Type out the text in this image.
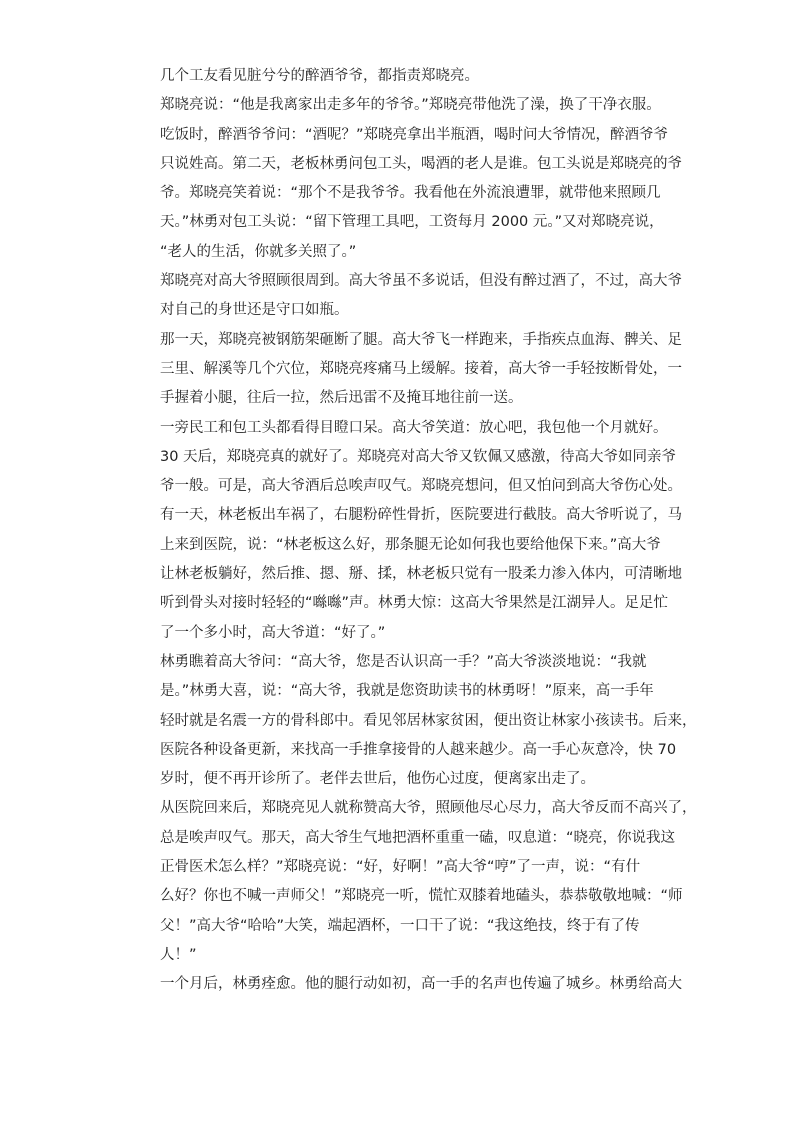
几个工友看见脏兮兮的醉酒爷爷，都指责郑晓亮。
郑晓亮说：“他是我离家出走多年的爷爷。”郑晓亮带他洗了澡，换了干净衣服。
吃饭时，醉酒爷爷问：“酒呢？”郑晓亮拿出半瓶酒，喝时问大爷情况，醉酒爷爷
只说姓高。第二天，老板林勇问包工头，喝酒的老人是谁。包工头说是郑晓亮的爷
爷。郑晓亮笑着说：“那个不是我爷爷。我看他在外流浪遭罪，就带他来照顾几
天。”林勇对包工头说：“留下管理工具吧，工资每月 2000 元。”又对郑晓亮说，
“老人的生活，你就多关照了。”
郑晓亮对高大爷照顾很周到。高大爷虽不多说话，但没有醉过酒了，不过，高大爷
对自己的身世还是守口如瓶。
那一天，郑晓亮被钢筋架砸断了腿。高大爷飞一样跑来，手指疾点血海、髀关、足
三里、解溪等几个穴位，郑晓亮疼痛马上缓解。接着，高大爷一手轻按断骨处，一
手握着小腿，往后一拉，然后迅雷不及掩耳地往前一送。
一旁民工和包工头都看得目瞪口呆。高大爷笑道：放心吧，我包他一个月就好。
30 天后，郑晓亮真的就好了。郑晓亮对高大爷又钦佩又感激，待高大爷如同亲爷
爷一般。可是，高大爷酒后总唉声叹气。郑晓亮想问，但又怕问到高大爷伤心处。
有一天，林老板出车祸了，右腿粉碎性骨折，医院要进行截肢。高大爷听说了，马
上来到医院，说：“林老板这么好，那条腿无论如何我也要给他保下来。”高大爷
让林老板躺好，然后推、摁、掰、揉，林老板只觉有一股柔力渗入体内，可清晰地
听到骨头对接时轻轻的“噝噝”声。林勇大惊：这高大爷果然是江湖异人。足足忙
了一个多小时，高大爷道：“好了。”
林勇瞧着高大爷问：“高大爷，您是否认识高一手？”高大爷淡淡地说：“我就
是。”林勇大喜，说：“高大爷，我就是您资助读书的林勇呀！”原来，高一手年
轻时就是名震一方的骨科郎中。看见邻居林家贫困，便出资让林家小孩读书。后来，
医院各种设备更新，来找高一手推拿接骨的人越来越少。高一手心灰意冷，快 70
岁时，便不再开诊所了。老伴去世后，他伤心过度，便离家出走了。
从医院回来后，郑晓亮见人就称赞高大爷，照顾他尽心尽力，高大爷反而不高兴了，
总是唉声叹气。那天，高大爷生气地把酒杯重重一磕，叹息道：“晓亮，你说我这
正骨医术怎么样？”郑晓亮说：“好，好啊！”高大爷“哼”了一声，说：“有什
么好？你也不喊一声师父！”郑晓亮一听，慌忙双膝着地磕头，恭恭敬敬地喊：“师
父！”高大爷“哈哈”大笑，端起酒杯，一口干了说：“我这绝技，终于有了传
人！”
一个月后，林勇痊愈。他的腿行动如初，高一手的名声也传遍了城乡。林勇给高大
